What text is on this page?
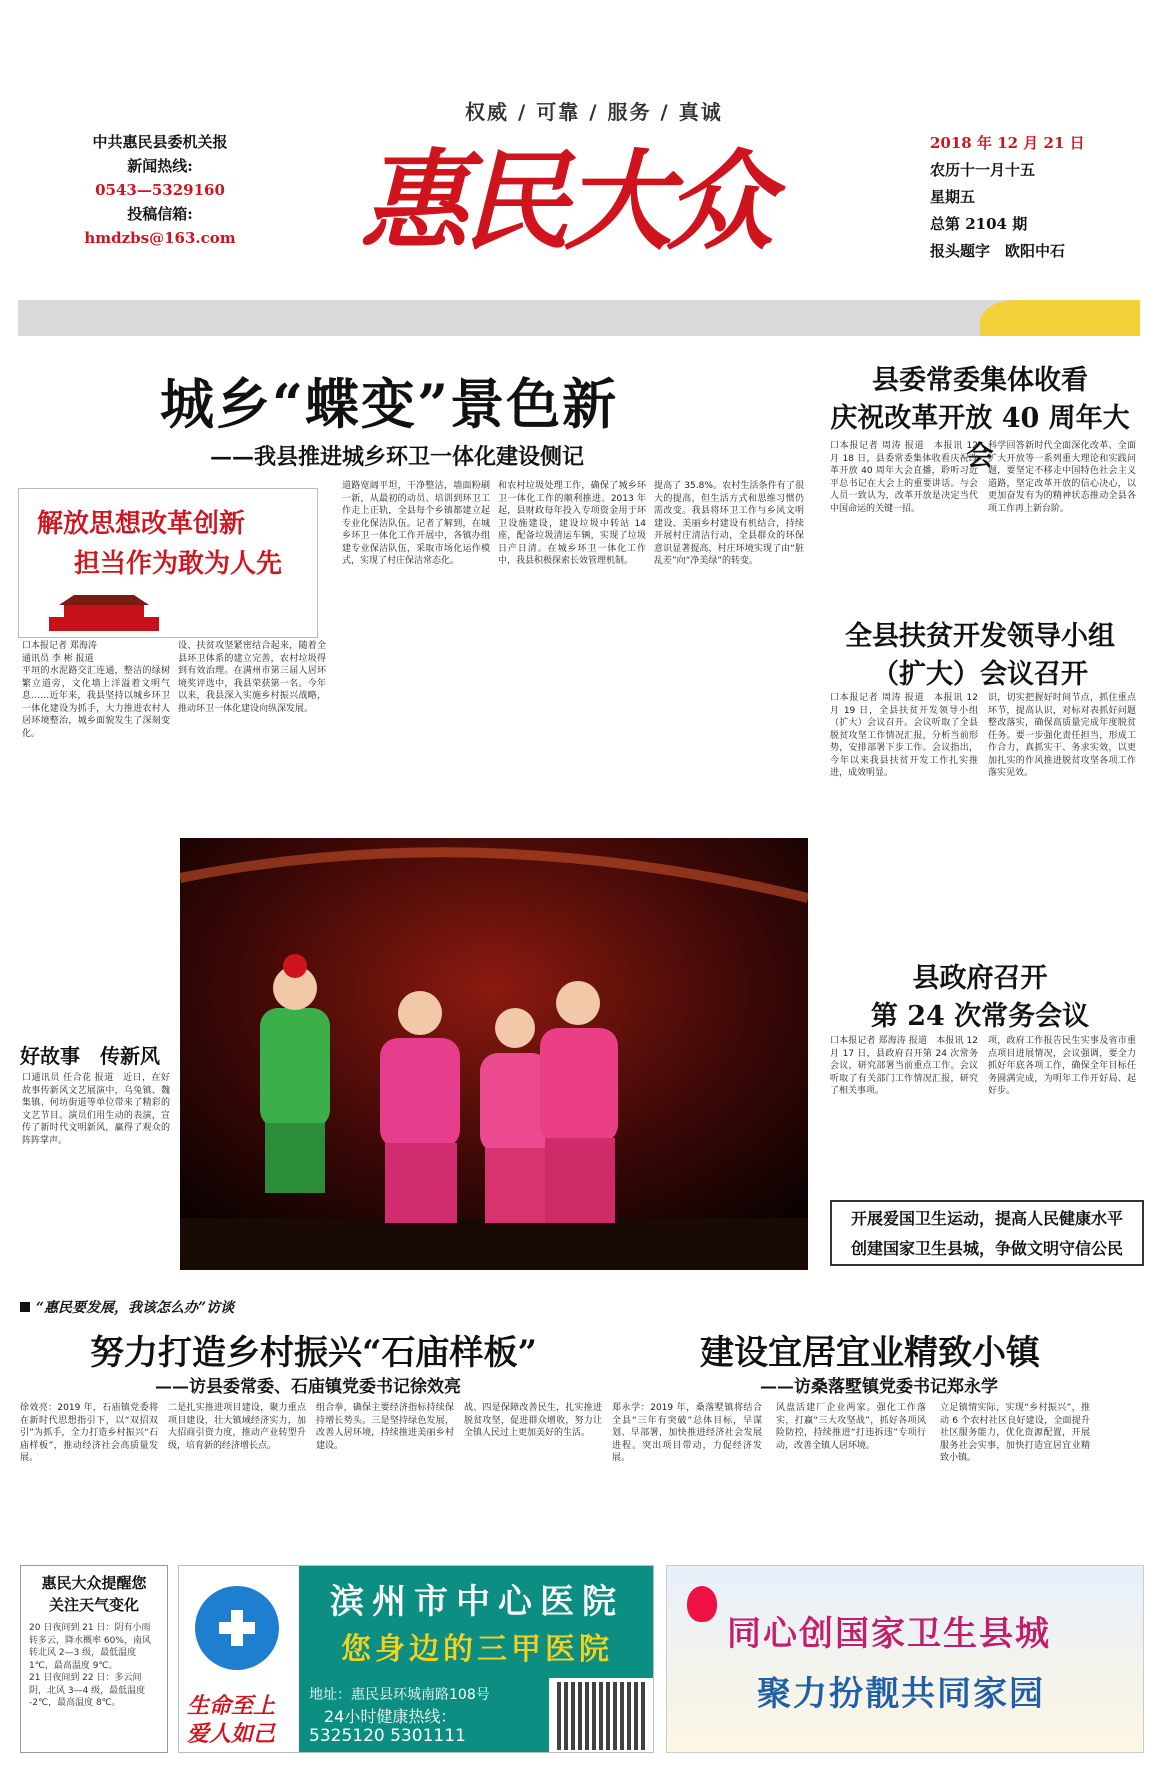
权威 / 可靠 / 服务 / 真诚
中共惠民县委机关报
新闻热线:
0543—5329160
投稿信箱:
hmdzbs@163.com 惠民大众	2018 年 12 月 21 日
农历十一月十五
星期五
总第 2104 期
报头题字　欧阳中石
城乡“蝶变”景色新
——我县推进城乡环卫一体化建设侧记
解放思想改革创新
担当作为敢为人先
口本报记者 郑海涛
通讯员 李 彬 报道
平垣的水泥路交汇连通，整洁的绿树繁立道旁，文化墙上洋溢着文明气息……近年来，我县坚持以城乡环卫一体化建设为抓手，大力推进农村人居环境整治，城乡面貌发生了深刻变化。
设、扶贫攻坚紧密结合起来，随着全县环卫体系的建立完善，农村垃圾得到有效治理。在满州市第三届人居环境奖评选中，我县荣获第一名。今年以来，我县深入实施乡村振兴战略，推动环卫一体化建设向纵深发展。
道路宽阔平坦，干净整洁，墙面粉刷一新，从最初的动员、培训到环卫工作走上正轨，全县每个乡镇都建立起专业化保洁队伍。记者了解到，在城乡环卫一体化工作开展中，各镇办组建专业保洁队伍，采取市场化运作模式，实现了村庄保洁常态化。
和农村垃圾处理工作，确保了城乡环卫一体化工作的顺利推进。2013 年起，县财政每年投入专项资金用于环卫设施建设，建设垃圾中转站 14 座，配备垃圾清运车辆，实现了垃圾日产日清。在城乡环卫一体化工作中，我县积极探索长效管理机制。
提高了 35.8%。农村生活条件有了很大的提高，但生活方式和思维习惯仍需改变。我县将环卫工作与乡风文明建设、美丽乡村建设有机结合，持续开展村庄清洁行动，全县群众的环保意识显著提高，村庄环境实现了由“脏乱差”向“净美绿”的转变。
县委常委集体收看
庆祝改革开放 40 周年大会
口本报记者 周涛 报道　本报讯 12 月 18 日，县委常委集体收看庆祝改革开放 40 周年大会直播，聆听习近平总书记在大会上的重要讲话。与会人员一致认为，改革开放是决定当代中国命运的关键一招。
科学回答新时代全面深化改革、全面扩大开放等一系列重大理论和实践问题，要坚定不移走中国特色社会主义道路，坚定改革开放的信心决心，以更加奋发有为的精神状态推动全县各项工作再上新台阶。
全县扶贫开发领导小组
（扩大）会议召开
口本报记者 周涛 报道　本报讯 12 月 19 日，全县扶贫开发领导小组（扩大）会议召开。会议听取了全县脱贫攻坚工作情况汇报，分析当前形势，安排部署下步工作。会议指出，今年以来我县扶贫开发工作扎实推进，成效明显。
识，切实把握好时间节点，抓住重点环节，提高认识，对标对表抓好问题整改落实，确保高质量完成年度脱贫任务。要一步强化责任担当，形成工作合力，真抓实干、务求实效，以更加扎实的作风推进脱贫攻坚各项工作落实见效。
县政府召开
第 24 次常务会议
口本报记者 郑海涛 报道　本报讯 12 月 17 日，县政府召开第 24 次常务会议，研究部署当前重点工作。会议听取了有关部门工作情况汇报，研究了相关事项。
项，政府工作报告民生实事及省市重点项目进展情况，会议强调，要全力抓好年底各项工作，确保全年目标任务圆满完成，为明年工作开好局、起好步。
开展爱国卫生运动，提高人民健康水平
创建国家卫生县城，争做文明守信公民
好故事　传新风
口通讯员 任合花 报道　近日，在好故事传新风文艺展演中，乌兔镇、魏集镇、何坊街道等单位带来了精彩的文艺节目。演员们用生动的表演，宣传了新时代文明新风，赢得了观众的阵阵掌声。
“惠民要发展，我该怎么办”访谈
努力打造乡村振兴“石庙样板”
——访县委常委、石庙镇党委书记徐效亮
建设宜居宜业精致小镇
——访桑落墅镇党委书记郑永学
徐效亮：2019 年，石庙镇党委将在新时代思想指引下，以“双招双引”为抓手，全力打造乡村振兴“石庙样板”，推动经济社会高质量发展。
二是扎实推进项目建设，聚力重点项目建设，壮大镇域经济实力，加大招商引资力度，推动产业转型升级，培育新的经济增长点。
组合拳，确保主要经济指标持续保持增长势头。三是坚持绿色发展，改善人居环境，持续推进美丽乡村建设。
战、四是保障改善民生，扎实推进脱贫攻坚，促进群众增收，努力让全镇人民过上更加美好的生活。
郑永学：2019 年，桑落墅镇将结合全县“三年有突破”总体目标，早谋划、早部署，加快推进经济社会发展进程。突出项目带动，力促经济发展。
风盘活建厂企业两家。强化工作落实，打赢“三大攻坚战”，抓好各项风险防控，持续推进“打违拆违”专项行动，改善全镇人居环境。
立足镇情实际，实现“乡村振兴”，推动 6 个农村社区良好建设，全面提升社区服务能力，优化资源配置，开展服务社会实事，加快打造宜居宜业精致小镇。
惠民大众提醒您
关注天气变化
20 日夜间到 21 日：阴有小雨转多云，降水概率 60%，南风转北风 2—3 级，最低温度 1℃，最高温度 9℃。
21 日夜间到 22 日：多云间阴，北风 3—4 级，最低温度 -2℃，最高温度 8℃。	生命至上
爱人如己
滨州市中心医院
您身边的三甲医院
地址：惠民县环城南路108号
24小时健康热线：
5325120 5301111
同心创国家卫生县城
聚力扮靓共同家园
